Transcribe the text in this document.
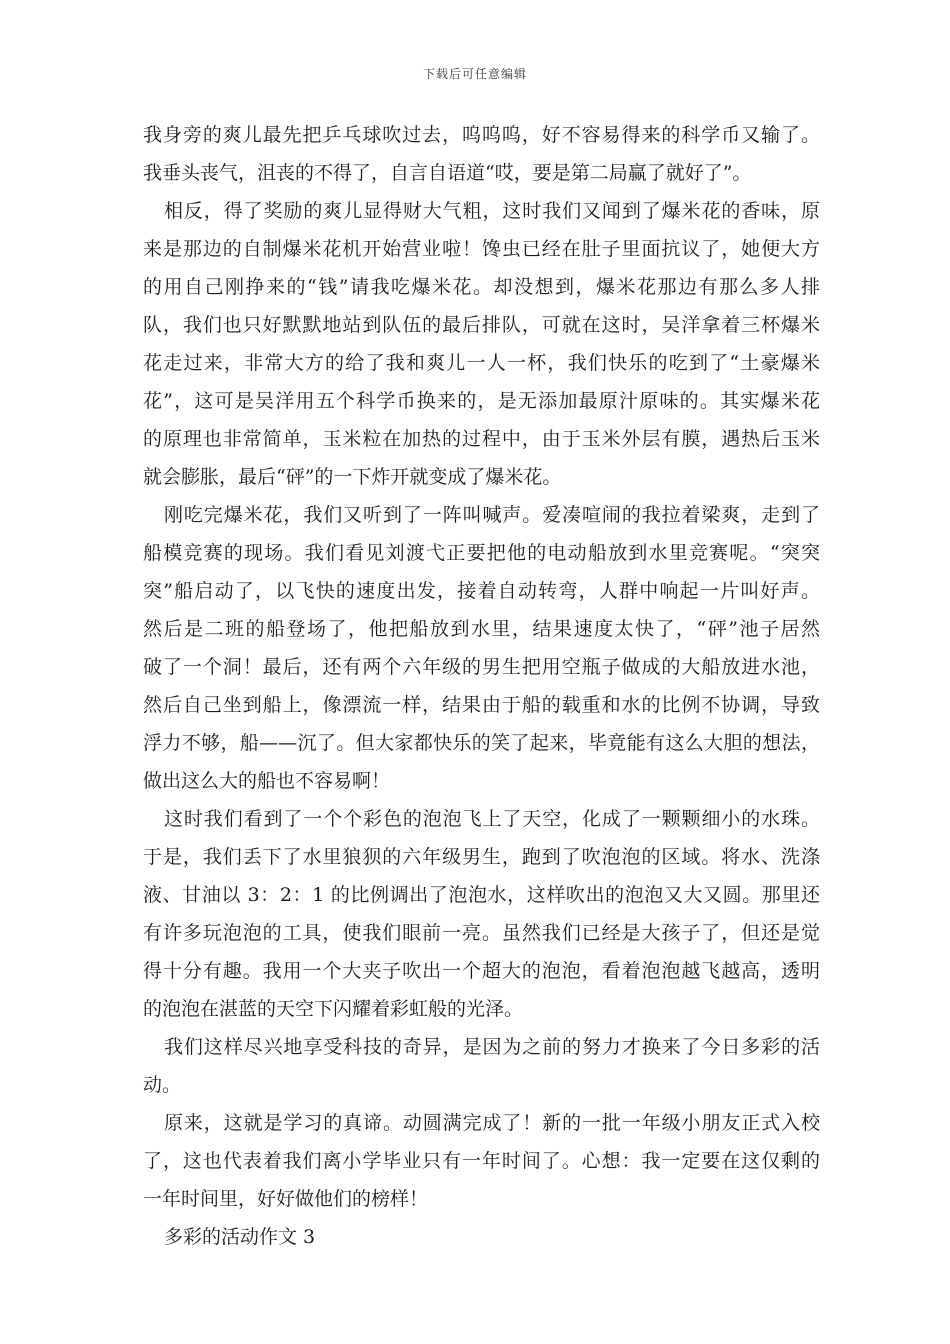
下载后可任意编辑
我身旁的爽儿最先把乒乓球吹过去，呜呜呜，好不容易得来的科学币又输了。
我垂头丧气，沮丧的不得了，自言自语道“哎，要是第二局赢了就好了”。
相反，得了奖励的爽儿显得财大气粗，这时我们又闻到了爆米花的香味，原
来是那边的自制爆米花机开始营业啦！馋虫已经在肚子里面抗议了，她便大方
的用自己刚挣来的“钱”请我吃爆米花。却没想到，爆米花那边有那么多人排
队，我们也只好默默地站到队伍的最后排队，可就在这时，吴洋拿着三杯爆米
花走过来，非常大方的给了我和爽儿一人一杯，我们快乐的吃到了“土豪爆米
花”，这可是吴洋用五个科学币换来的，是无添加最原汁原味的。其实爆米花
的原理也非常简单，玉米粒在加热的过程中，由于玉米外层有膜，遇热后玉米
就会膨胀，最后“砰”的一下炸开就变成了爆米花。
刚吃完爆米花，我们又听到了一阵叫喊声。爱凑喧闹的我拉着梁爽，走到了
船模竞赛的现场。我们看见刘渡弋正要把他的电动船放到水里竞赛呢。“突突
突”船启动了，以飞快的速度出发，接着自动转弯，人群中响起一片叫好声。
然后是二班的船登场了，他把船放到水里，结果速度太快了，“砰”池子居然
破了一个洞！最后，还有两个六年级的男生把用空瓶子做成的大船放进水池，
然后自己坐到船上，像漂流一样，结果由于船的载重和水的比例不协调，导致
浮力不够，船——沉了。但大家都快乐的笑了起来，毕竟能有这么大胆的想法，
做出这么大的船也不容易啊！
这时我们看到了一个个彩色的泡泡飞上了天空，化成了一颗颗细小的水珠。
于是，我们丢下了水里狼狈的六年级男生，跑到了吹泡泡的区域。将水、洗涤
液、甘油以 3：2：1 的比例调出了泡泡水，这样吹出的泡泡又大又圆。那里还
有许多玩泡泡的工具，使我们眼前一亮。虽然我们已经是大孩子了，但还是觉
得十分有趣。我用一个大夹子吹出一个超大的泡泡，看着泡泡越飞越高，透明
的泡泡在湛蓝的天空下闪耀着彩虹般的光泽。
我们这样尽兴地享受科技的奇异，是因为之前的努力才换来了今日多彩的活
动。
原来，这就是学习的真谛。动圆满完成了！新的一批一年级小朋友正式入校
了，这也代表着我们离小学毕业只有一年时间了。心想：我一定要在这仅剩的
一年时间里，好好做他们的榜样！
多彩的活动作文 3
